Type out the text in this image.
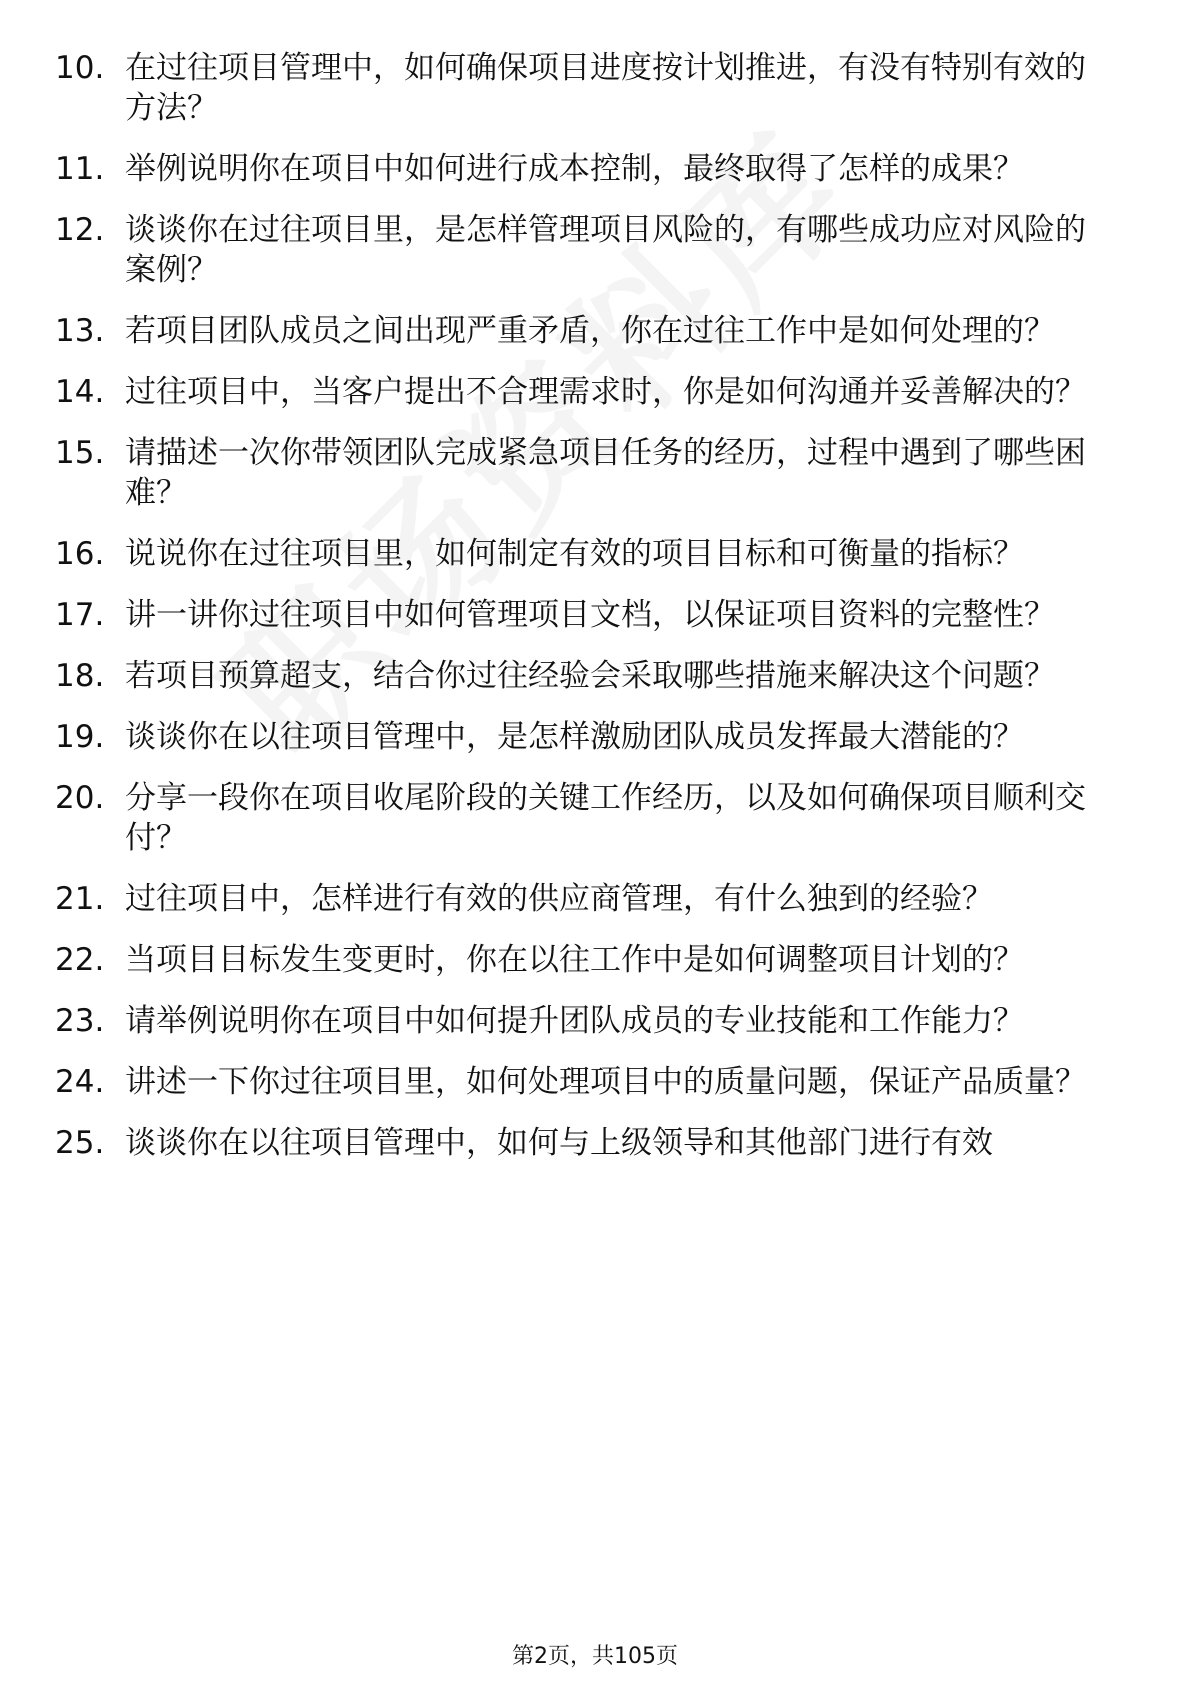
10. 在过往项目管理中，如何确保项目进度按计划推进，有没有特别有效的方法？
11. 举例说明你在项目中如何进行成本控制，最终取得了怎样的成果？
12. 谈谈你在过往项目里，是怎样管理项目风险的，有哪些成功应对风险的案例？
13. 若项目团队成员之间出现严重矛盾，你在过往工作中是如何处理的？
14. 过往项目中，当客户提出不合理需求时，你是如何沟通并妥善解决的？
15. 请描述一次你带领团队完成紧急项目任务的经历，过程中遇到了哪些困难？
16. 说说你在过往项目里，如何制定有效的项目目标和可衡量的指标？
17. 讲一讲你过往项目中如何管理项目文档，以保证项目资料的完整性？
18. 若项目预算超支，结合你过往经验会采取哪些措施来解决这个问题？
19. 谈谈你在以往项目管理中，是怎样激励团队成员发挥最大潜能的？
20. 分享一段你在项目收尾阶段的关键工作经历，以及如何确保项目顺利交付？
21. 过往项目中，怎样进行有效的供应商管理，有什么独到的经验？
22. 当项目目标发生变更时，你在以往工作中是如何调整项目计划的？
23. 请举例说明你在项目中如何提升团队成员的专业技能和工作能力？
24. 讲述一下你过往项目里，如何处理项目中的质量问题，保证产品质量？
25. 谈谈你在以往项目管理中，如何与上级领导和其他部门进行有效
第2页，共105页
